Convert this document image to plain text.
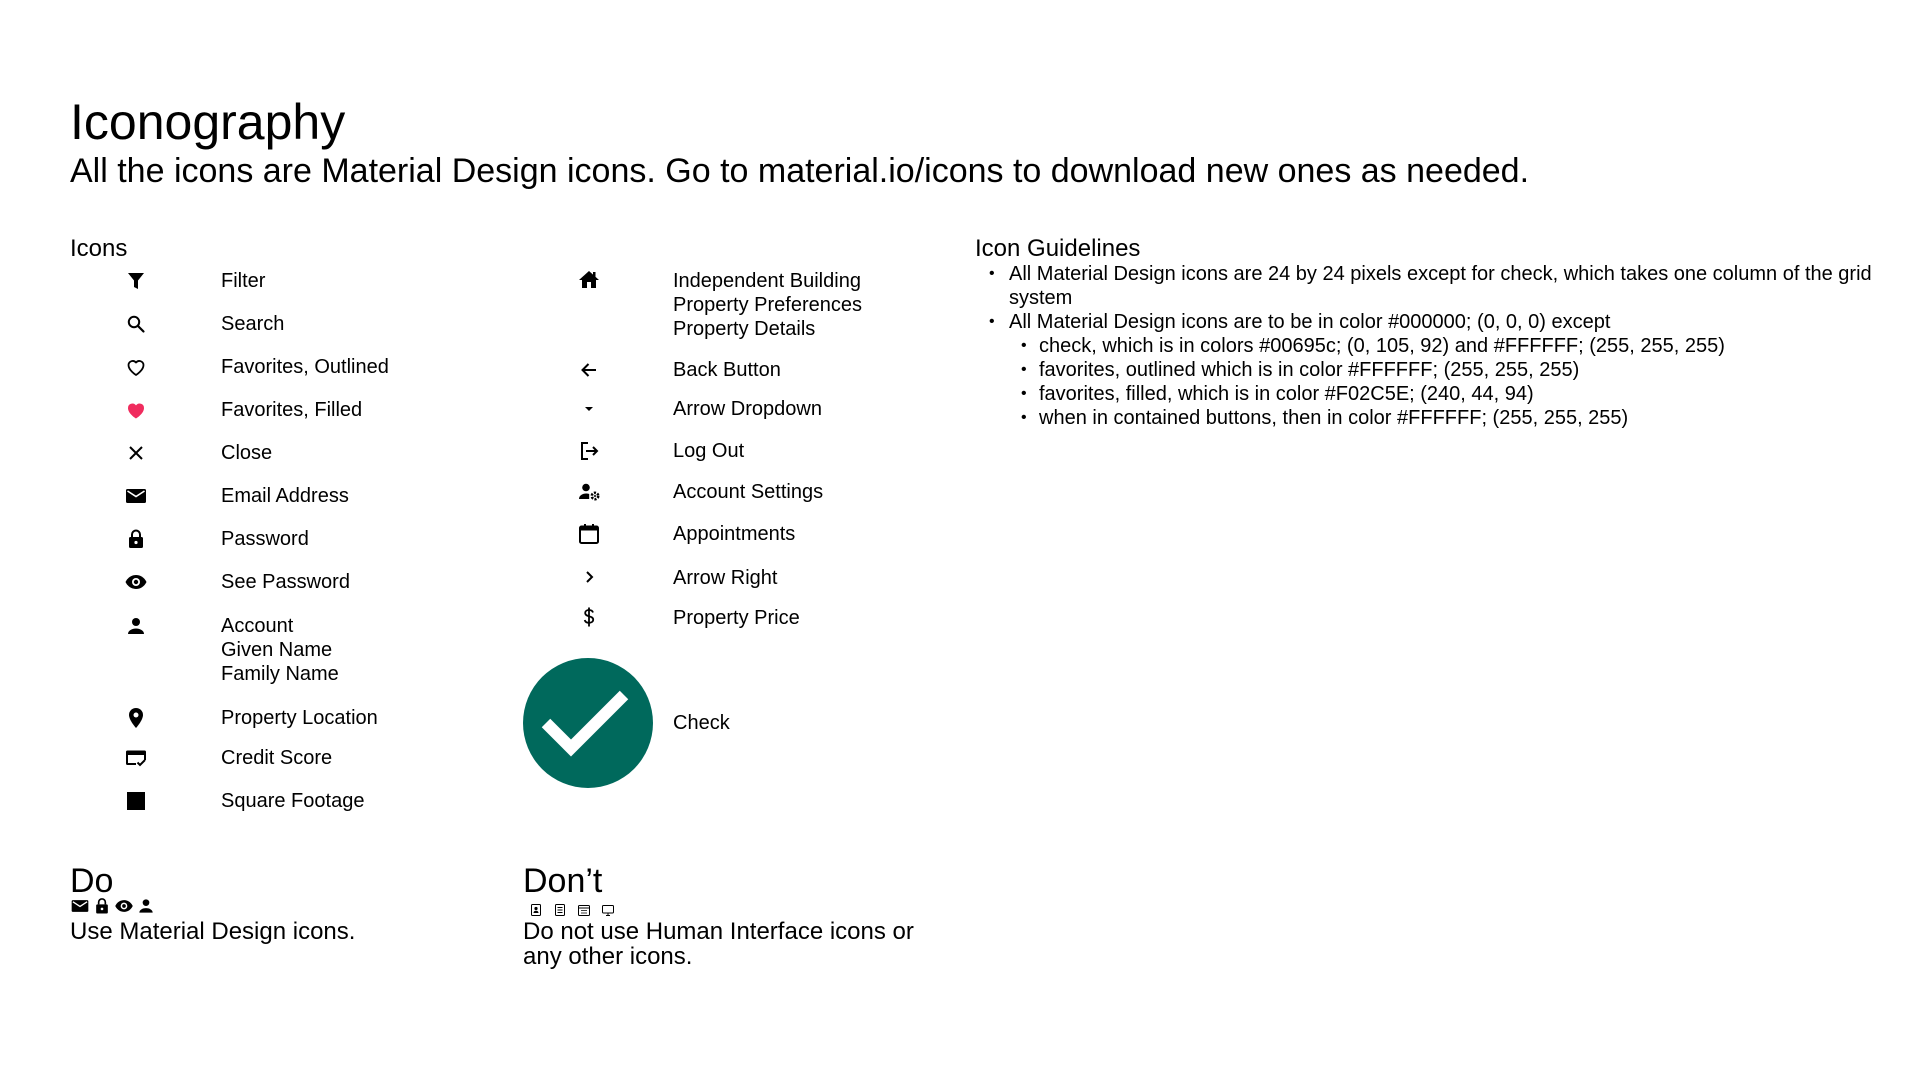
Iconography
All the icons are Material Design icons. Go to material.io/icons to download new ones as needed.
Icons
Filter
Search
Favorites, Outlined
Favorites, Filled
Close
Email Address
Password
See Password
Account
Given Name
Family Name
Property Location
Credit Score
Square Footage
Independent Building
Property Preferences
Property Details
Back Button
Arrow Dropdown
Log Out
Account Settings
Appointments
Arrow Right
Property Price
Check
Icon Guidelines
• All Material Design icons are 24 by 24 pixels except for check, which takes one column of the grid system
• All Material Design icons are to be in color #000000; (0, 0, 0) except
• check, which is in colors #00695c; (0, 105, 92) and #FFFFFF; (255, 255, 255)
• favorites, outlined which is in color #FFFFFF; (255, 255, 255)
• favorites, filled, which is in color #F02C5E; (240, 44, 94)
• when in contained buttons, then in color #FFFFFF; (255, 255, 255)
Do
Use Material Design icons.
Don’t
Do not use Human Interface icons or
any other icons.
